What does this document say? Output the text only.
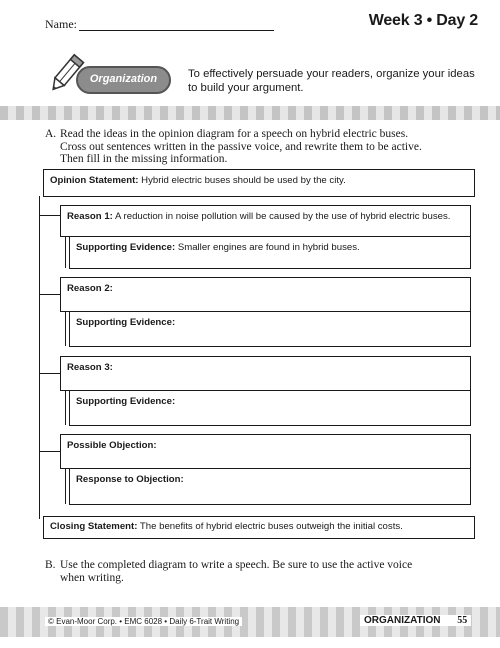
Name:	Week 3 • Day 2
Organization	To effectively persuade your readers, organize your ideas to build your argument.
A. Read the ideas in the opinion diagram for a speech on hybrid electric buses.
Cross out sentences written in the passive voice, and rewrite them to be active.
Then fill in the missing information.
Opinion Statement: Hybrid electric buses should be used by the city.
Reason 1: A reduction in noise pollution will be caused by the use of hybrid electric buses.
Supporting Evidence: Smaller engines are found in hybrid buses.
Reason 2:
Supporting Evidence:
Reason 3:
Supporting Evidence:
Possible Objection:
Response to Objection:
Closing Statement: The benefits of hybrid electric buses outweigh the initial costs.
B. Use the completed diagram to write a speech. Be sure to use the active voice
when writing.
© Evan-Moor Corp. • EMC 6028 • Daily 6-Trait Writing	ORGANIZATION 55
